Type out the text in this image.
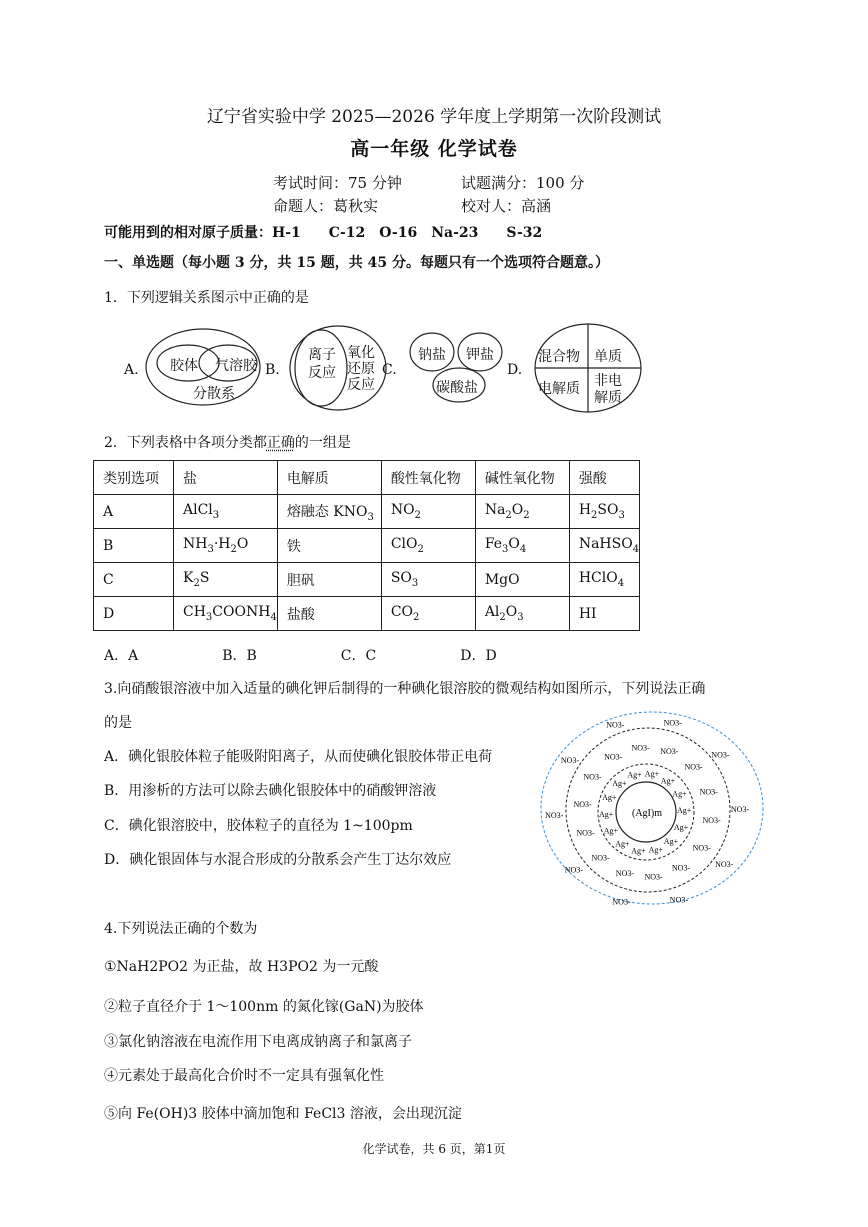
辽宁省实验中学 2025—2026 学年度上学期第一次阶段测试
高一年级 化学试卷
考试时间：75 分钟	试题满分：100 分
命题人：葛秋实	校对人：高涵
可能用到的相对原子质量：H-1　　C-12　O-16　Na-23　　S-32
一、单选题（每小题 3 分，共 15 题，共 45 分。每题只有一个选项符合题意。）
1．下列逻辑关系图示中正确的是
A. 胶体 气溶胶
分散系
B.
离子
反应
氧化
还原
反应
C.
钠盐 钾盐
碳酸盐
D.
混合物 单质
电解质 非电
解质
2．下列表格中各项分类都正确的一组是
类别选项	盐	电解质	酸性氧化物	碱性氧化物	强酸
A	AlCl$_3$	熔融态 $KNO_3$	$NO_2$	$Na_2O_2$	$H_2SO_3$
B	$NH_3\cdot H_2O$	铁	ClO$_2$	$Fe_3O_4$	NaHSO$_4$
C	$K_2S$	胆矾	$SO_3$	MgO	HClO$_4$
D	$CH_3COONH_4$	盐酸	$CO_2$	$Al_2O_3$	HI
A．A　　　　　　B．B　　　　　　C．C　　　　　　D．D
3.向硝酸银溶液中加入适量的碘化钾后制得的一种碘化银溶胶的微观结构如图所示，下列说法正确
的是
A．碘化银胶体粒子能吸附阳离子，从而使碘化银胶体带正电荷
B．用渗析的方法可以除去碘化银胶体中的硝酸钾溶液
C．碘化银溶胶中，胶体粒子的直径为 1~100pm
D．碘化银固体与水混合形成的分散系会产生丁达尔效应
(AgI)m
Ag+
Ag+
Ag+
Ag+
Ag+
Ag+
Ag+
Ag+
Ag+
Ag+
Ag+
Ag+
Ag+
Ag+
NO3-
NO3-
NO3-
NO3-
NO3-
NO3-
NO3-
NO3-
NO3-
NO3-
NO3-
NO3-
NO3-
NO3-
NO3-	NO3-
NO3-
NO3-
NO3-
NO3-
NO3-
NO3-
NO3-
NO3-
4.下列说法正确的个数为
①NaH2PO2 为正盐，故 H3PO2 为一元酸
②粒子直径介于 1～100nm 的氮化镓(GaN)为胶体
③氯化钠溶液在电流作用下电离成钠离子和氯离子
④元素处于最高化合价时不一定具有强氧化性
⑤向 Fe(OH)3 胶体中滴加饱和 FeCl3 溶液，会出现沉淀
化学试卷，共 6 页，第1页
